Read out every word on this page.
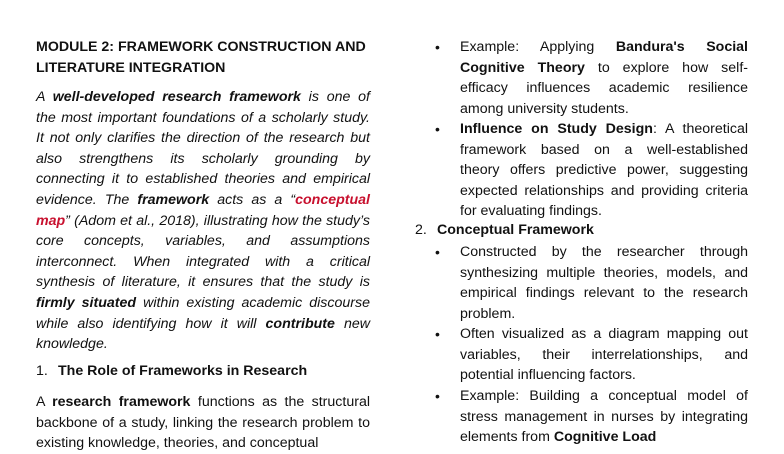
MODULE 2: FRAMEWORK CONSTRUCTION AND LITERATURE INTEGRATION

A well-developed research framework is one of the most important foundations of a scholarly study. It not only clarifies the direction of the research but also strengthens its scholarly grounding by connecting it to established theories and empirical evidence. The framework acts as a “conceptual map” (Adom et al., 2018), illustrating how the study’s core concepts, variables, and assumptions interconnect. When integrated with a critical synthesis of literature, it ensures that the study is firmly situated within existing academic discourse while also identifying how it will contribute new knowledge.

1. The Role of Frameworks in Research

A research framework functions as the structural backbone of a study, linking the research problem to existing knowledge, theories, and conceptual

• Example: Applying Bandura's Social Cognitive Theory to explore how self-efficacy influences academic resilience among university students.

• Influence on Study Design: A theoretical framework based on a well-established theory offers predictive power, suggesting expected relationships and providing criteria for evaluating findings.

2. Conceptual Framework

• Constructed by the researcher through synthesizing multiple theories, models, and empirical findings relevant to the research problem.

• Often visualized as a diagram mapping out variables, their interrelationships, and potential influencing factors.

• Example: Building a conceptual model of stress management in nurses by integrating elements from Cognitive Load
